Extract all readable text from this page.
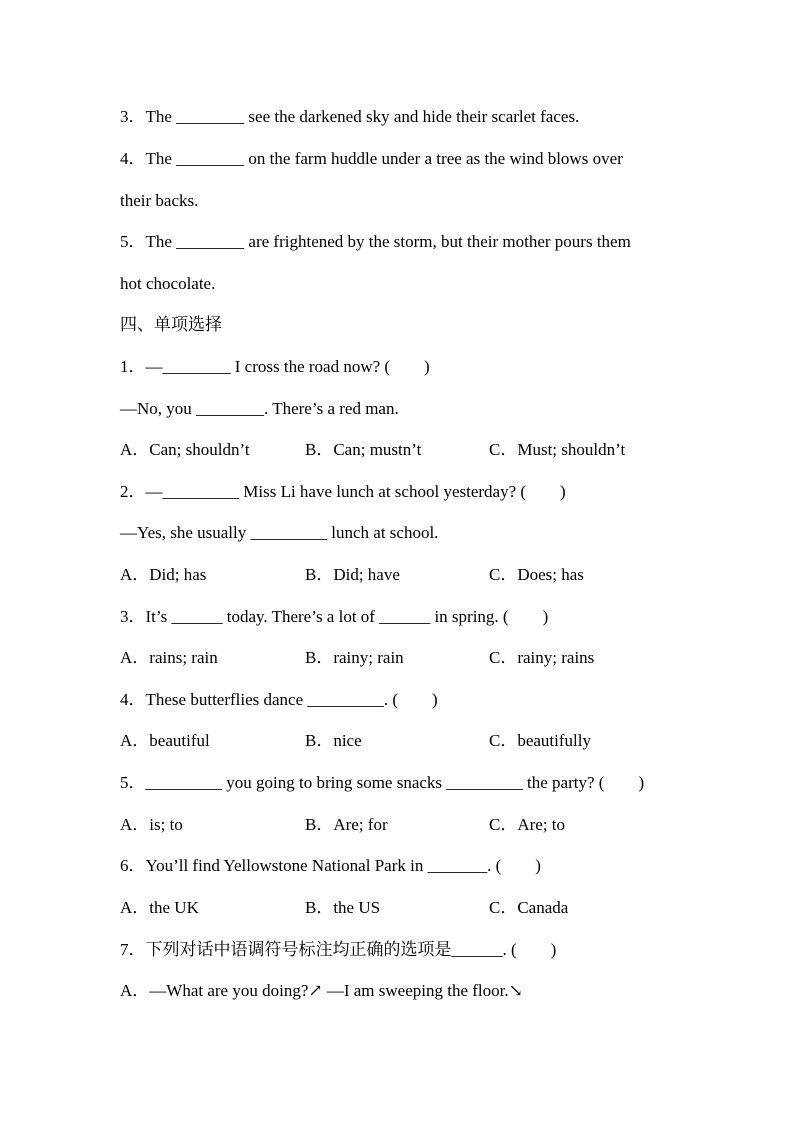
3．The ________ see the darkened sky and hide their scarlet faces.
4．The ________ on the farm huddle under a tree as the wind blows over
their backs.
5．The ________ are frightened by the storm, but their mother pours them
hot chocolate.
四、单项选择
1．—________ I cross the road now? (　　)
—No, you ________. There’s a red man.
A．Can; shouldn’t	B．Can; mustn’t	C．Must; shouldn’t
2．—_________ Miss Li have lunch at school yesterday? (　　)
—Yes, she usually _________ lunch at school.
A．Did; has	B．Did; have	C．Does; has
3．It’s ______ today. There’s a lot of ______ in spring. (　　)
A．rains; rain	B．rainy; rain	C．rainy; rains
4．These butterflies dance _________. (　　)
A．beautiful	B．nice	C．beautifully
5．_________ you going to bring some snacks _________ the party? (　　)
A．is; to	B．Are; for	C．Are; to
6．You’ll find Yellowstone National Park in _______. (　　)
A．the UK	B．the US	C．Canada
7．下列对话中语调符号标注均正确的选项是______. (　　)
A．—What are you doing?↗ —I am sweeping the floor.↘
